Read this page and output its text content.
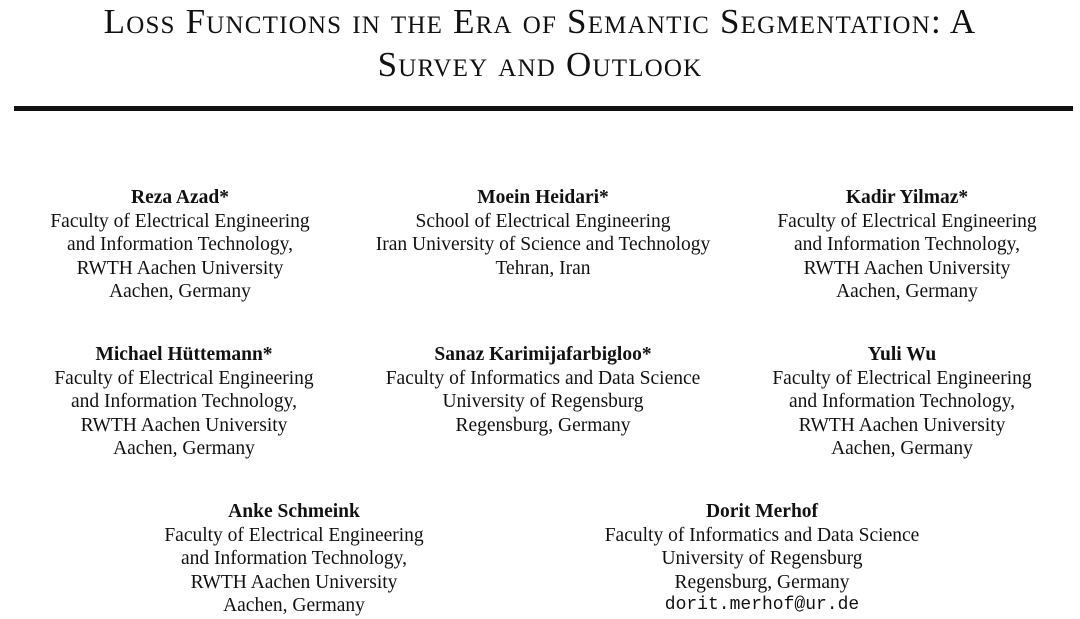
Loss Functions in the Era of Semantic Segmentation: A
Survey and Outlook
Reza Azad*
Faculty of Electrical Engineering
and Information Technology,
RWTH Aachen University
Aachen, Germany
Moein Heidari*
School of Electrical Engineering
Iran University of Science and Technology
Tehran, Iran
Kadir Yilmaz*
Faculty of Electrical Engineering
and Information Technology,
RWTH Aachen University
Aachen, Germany
Michael Hüttemann*
Faculty of Electrical Engineering
and Information Technology,
RWTH Aachen University
Aachen, Germany
Sanaz Karimijafarbigloo*
Faculty of Informatics and Data Science
University of Regensburg
Regensburg, Germany
Yuli Wu
Faculty of Electrical Engineering
and Information Technology,
RWTH Aachen University
Aachen, Germany
Anke Schmeink
Faculty of Electrical Engineering
and Information Technology,
RWTH Aachen University
Aachen, Germany
Dorit Merhof
Faculty of Informatics and Data Science
University of Regensburg
Regensburg, Germany
dorit.merhof@ur.de
